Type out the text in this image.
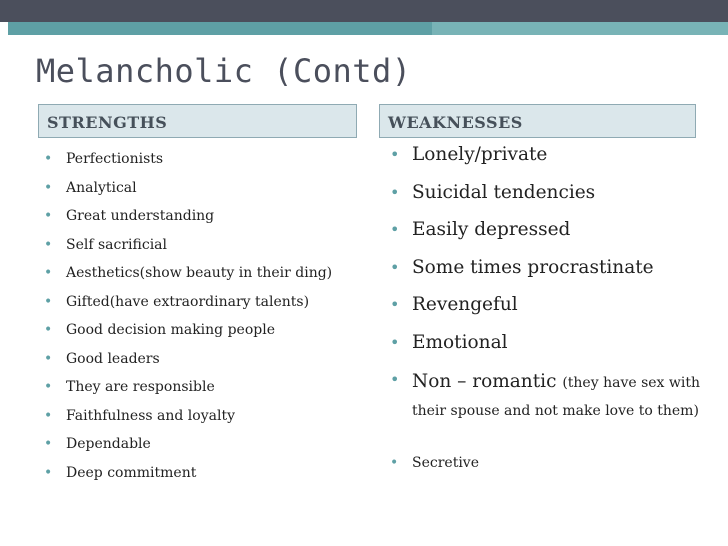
Melancholic (Contd)
STRENGTHS	WEAKNESSES
• Perfectionists
• Analytical
• Great understanding
• Self sacrificial
• Aesthetics(show beauty in their ding)
• Gifted(have extraordinary talents)
• Good decision making people
• Good leaders
• They are responsible
• Faithfulness and loyalty
• Dependable
• Deep commitment
• Lonely/private
• Suicidal tendencies
• Easily depressed
• Some times procrastinate
• Revengeful
• Emotional
• Non – romantic (they have sex with their spouse and not make love to them)
• Secretive
